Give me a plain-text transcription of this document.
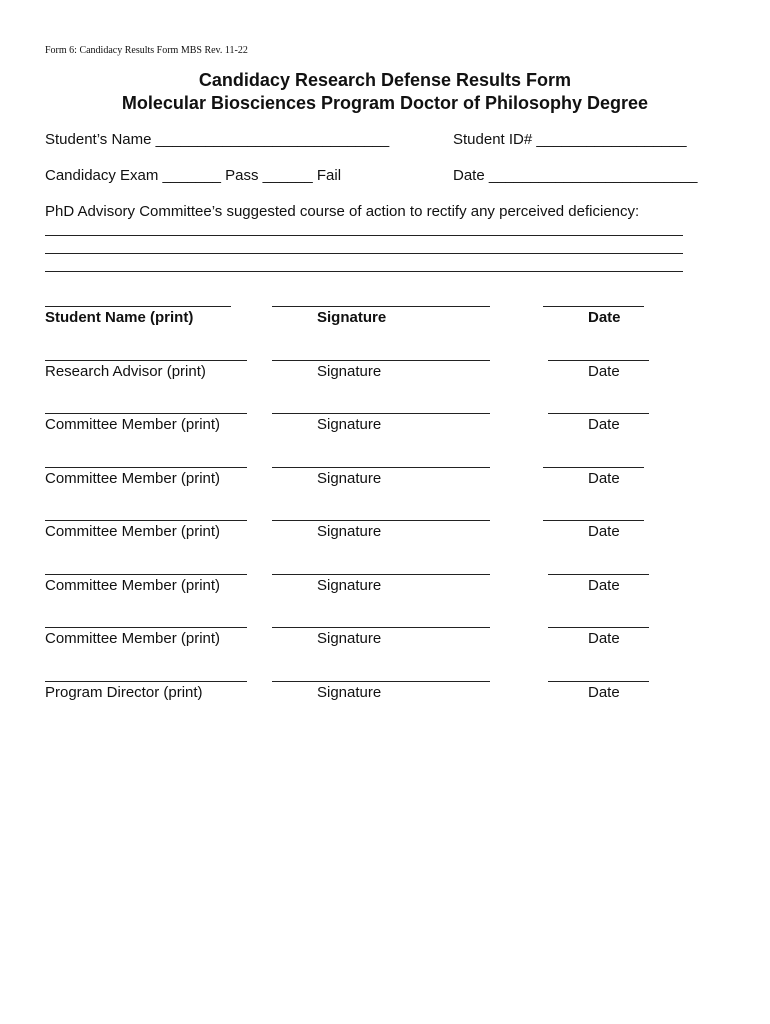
Form 6: Candidacy Results Form MBS Rev. 11-22
Candidacy Research Defense Results Form
Molecular Biosciences Program Doctor of Philosophy Degree
Student’s Name ____________________________	Student ID# __________________
Candidacy Exam _______ Pass ______ Fail	Date _________________________
PhD Advisory Committee’s suggested course of action to rectify any perceived deficiency:
Student Name (print)	Signature	Date
Research Advisor (print)	Signature	Date
Committee Member (print)	Signature	Date
Committee Member (print)	Signature	Date
Committee Member (print)	Signature	Date
Committee Member (print)	Signature	Date
Committee Member (print)	Signature	Date
Program Director (print)	Signature	Date
